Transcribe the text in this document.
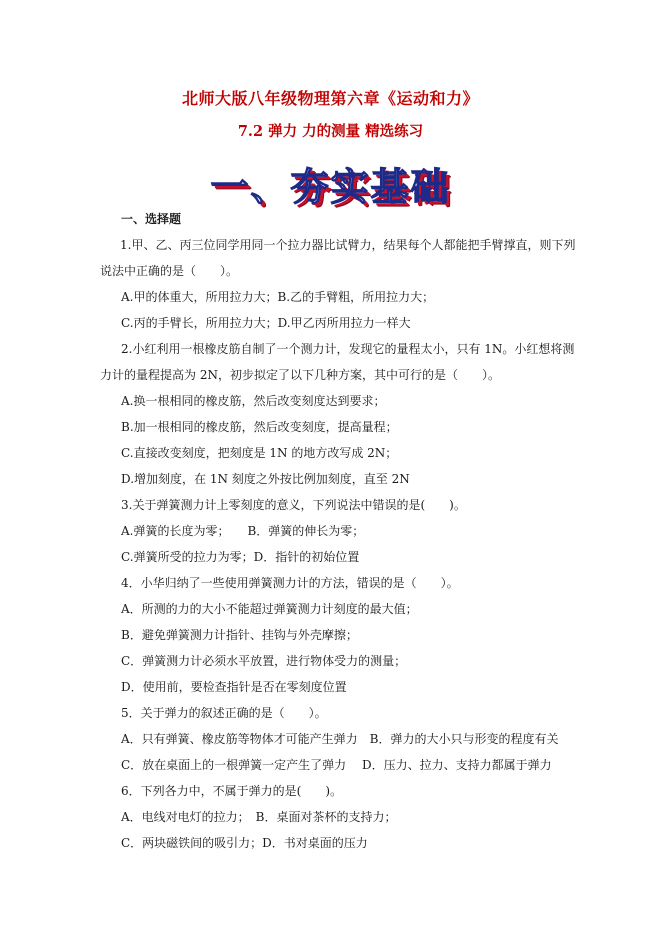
北师大版八年级物理第六章《运动和力》
7.2 弹力 力的测量 精选练习
一、夯实基础
一、选择题
1.甲、乙、丙三位同学用同一个拉力器比试臂力，结果每个人都能把手臂撑直，则下列
说法中正确的是（　　）。
A.甲的体重大，所用拉力大；B.乙的手臂粗，所用拉力大；
C.丙的手臂长，所用拉力大；D.甲乙丙所用拉力一样大
2.小红利用一根橡皮筋自制了一个测力计，发现它的量程太小，只有 1N。小红想将测
力计的量程提高为 2N，初步拟定了以下几种方案，其中可行的是（　　）。
A.换一根相同的橡皮筋，然后改变刻度达到要求；
B.加一根相同的橡皮筋，然后改变刻度，提高量程；
C.直接改变刻度，把刻度是 1N 的地方改写成 2N；
D.增加刻度，在 1N 刻度之外按比例加刻度，直至 2N
3.关于弹簧测力计上零刻度的意义，下列说法中错误的是(　　)。
A.弹簧的长度为零；　　B．弹簧的伸长为零；
C.弹簧所受的拉力为零；D．指针的初始位置
4．小华归纳了一些使用弹簧测力计的方法，错误的是（　　）。
A．所测的力的大小不能超过弹簧测力计刻度的最大值；
B．避免弹簧测力计指针、挂钩与外壳摩擦；
C．弹簧测力计必须水平放置，进行物体受力的测量；
D．使用前，要检查指针是否在零刻度位置
5．关于弹力的叙述正确的是（　　）。
A．只有弹簧、橡皮筋等物体才可能产生弹力　B．弹力的大小只与形变的程度有关
C．放在桌面上的一根弹簧一定产生了弹力　 D．压力、拉力、支持力都属于弹力
6．下列各力中，不属于弹力的是(　　)。
A．电线对电灯的拉力；　B．桌面对茶杯的支持力；
C．两块磁铁间的吸引力；D．书对桌面的压力
